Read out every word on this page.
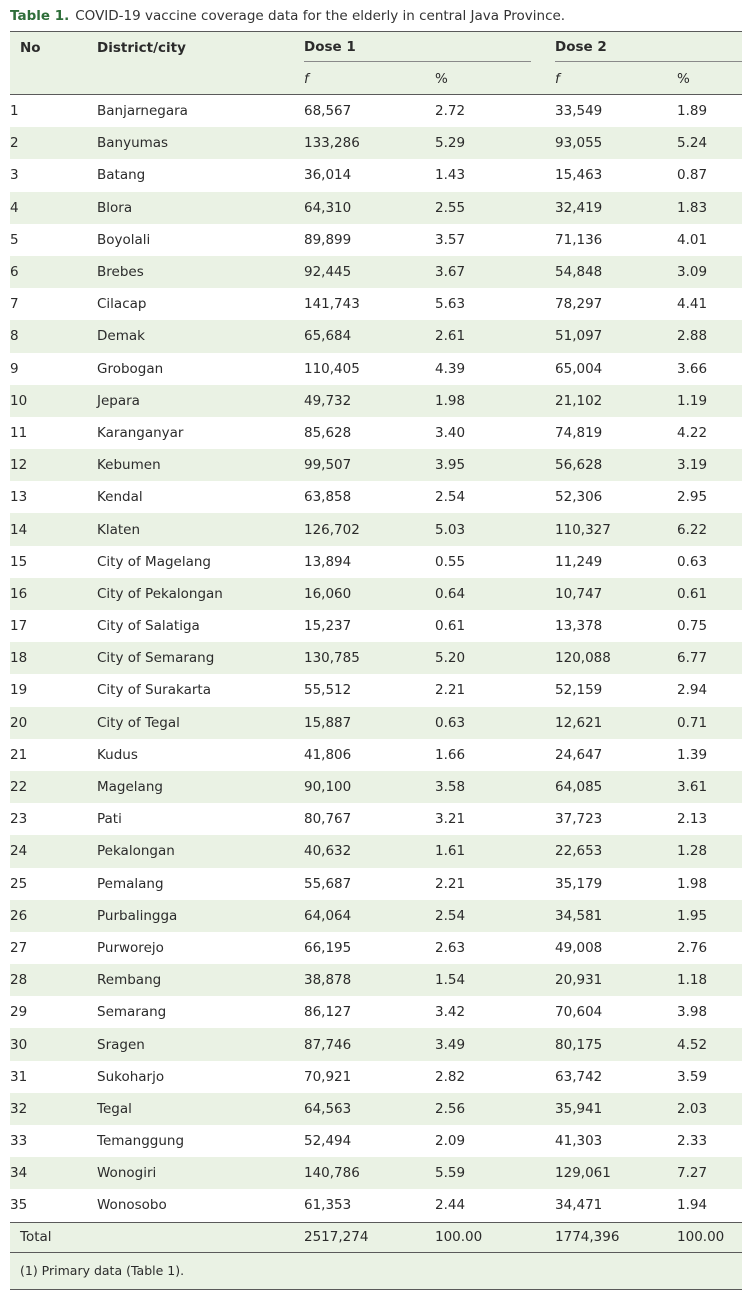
Table 1. COVID-19 vaccine coverage data for the elderly in central Java Province.
No	District/city	Dose 1		Dose 2	

		f	%	f	%
1	Banjarnegara	68,567	2.72	33,549	1.89
2	Banyumas	133,286	5.29	93,055	5.24
3	Batang	36,014	1.43	15,463	0.87
4	Blora	64,310	2.55	32,419	1.83
5	Boyolali	89,899	3.57	71,136	4.01
6	Brebes	92,445	3.67	54,848	3.09
7	Cilacap	141,743	5.63	78,297	4.41
8	Demak	65,684	2.61	51,097	2.88
9	Grobogan	110,405	4.39	65,004	3.66
10	Jepara	49,732	1.98	21,102	1.19
11	Karanganyar	85,628	3.40	74,819	4.22
12	Kebumen	99,507	3.95	56,628	3.19
13	Kendal	63,858	2.54	52,306	2.95
14	Klaten	126,702	5.03	110,327	6.22
15	City of Magelang	13,894	0.55	11,249	0.63
16	City of Pekalongan	16,060	0.64	10,747	0.61
17	City of Salatiga	15,237	0.61	13,378	0.75
18	City of Semarang	130,785	5.20	120,088	6.77
19	City of Surakarta	55,512	2.21	52,159	2.94
20	City of Tegal	15,887	0.63	12,621	0.71
21	Kudus	41,806	1.66	24,647	1.39
22	Magelang	90,100	3.58	64,085	3.61
23	Pati	80,767	3.21	37,723	2.13
24	Pekalongan	40,632	1.61	22,653	1.28
25	Pemalang	55,687	2.21	35,179	1.98
26	Purbalingga	64,064	2.54	34,581	1.95
27	Purworejo	66,195	2.63	49,008	2.76
28	Rembang	38,878	1.54	20,931	1.18
29	Semarang	86,127	3.42	70,604	3.98
30	Sragen	87,746	3.49	80,175	4.52
31	Sukoharjo	70,921	2.82	63,742	3.59
32	Tegal	64,563	2.56	35,941	2.03
33	Temanggung	52,494	2.09	41,303	2.33
34	Wonogiri	140,786	5.59	129,061	7.27
35	Wonosobo	61,353	2.44	34,471	1.94
Total		2517,274	100.00	1774,396	100.00
(1) Primary data (Table 1).					
